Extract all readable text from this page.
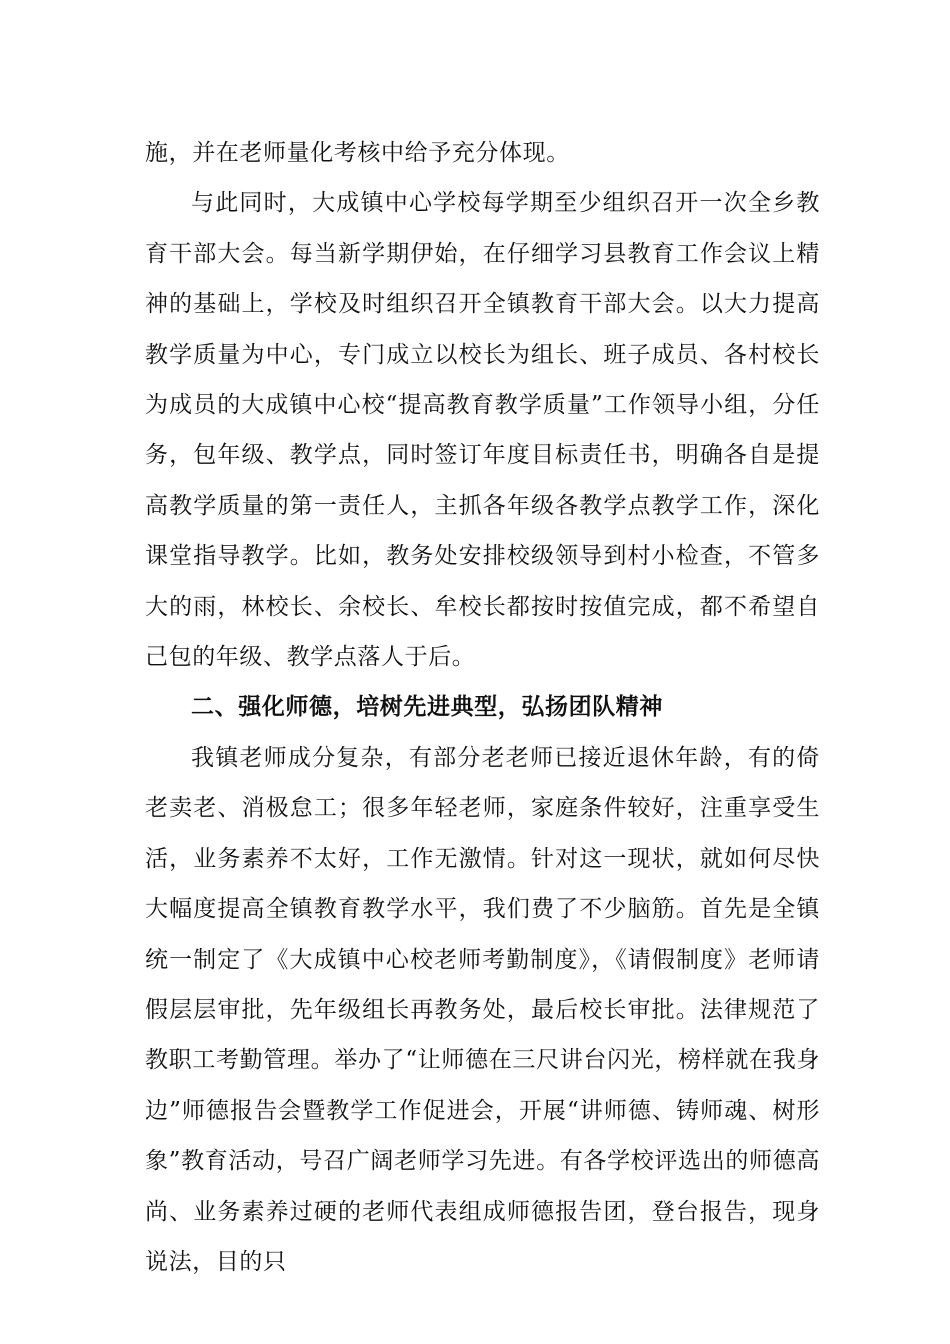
施，并在老师量化考核中给予充分体现。

与此同时，大成镇中心学校每学期至少组织召开一次全乡教育干部大会。每当新学期伊始，在仔细学习县教育工作会议上精神的基础上，学校及时组织召开全镇教育干部大会。以大力提高教学质量为中心，专门成立以校长为组长、班子成员、各村校长为成员的大成镇中心校“提高教育教学质量”工作领导小组，分任务，包年级、教学点，同时签订年度目标责任书，明确各自是提高教学质量的第一责任人，主抓各年级各教学点教学工作，深化课堂指导教学。比如，教务处安排校级领导到村小检查，不管多大的雨，林校长、余校长、牟校长都按时按值完成，都不希望自己包的年级、教学点落人于后。

二、强化师德，培树先进典型，弘扬团队精神

我镇老师成分复杂，有部分老老师已接近退休年龄，有的倚老卖老、消极怠工；很多年轻老师，家庭条件较好，注重享受生活，业务素养不太好，工作无激情。针对这一现状，就如何尽快大幅度提高全镇教育教学水平，我们费了不少脑筋。首先是全镇统一制定了《大成镇中心校老师考勤制度》，《请假制度》老师请假层层审批，先年级组长再教务处，最后校长审批。法律规范了教职工考勤管理。举办了“让师德在三尺讲台闪光，榜样就在我身边”师德报告会暨教学工作促进会，开展“讲师德、铸师魂、树形象”教育活动，号召广阔老师学习先进。有各学校评选出的师德高尚、业务素养过硬的老师代表组成师德报告团，登台报告，现身说法，目的只
